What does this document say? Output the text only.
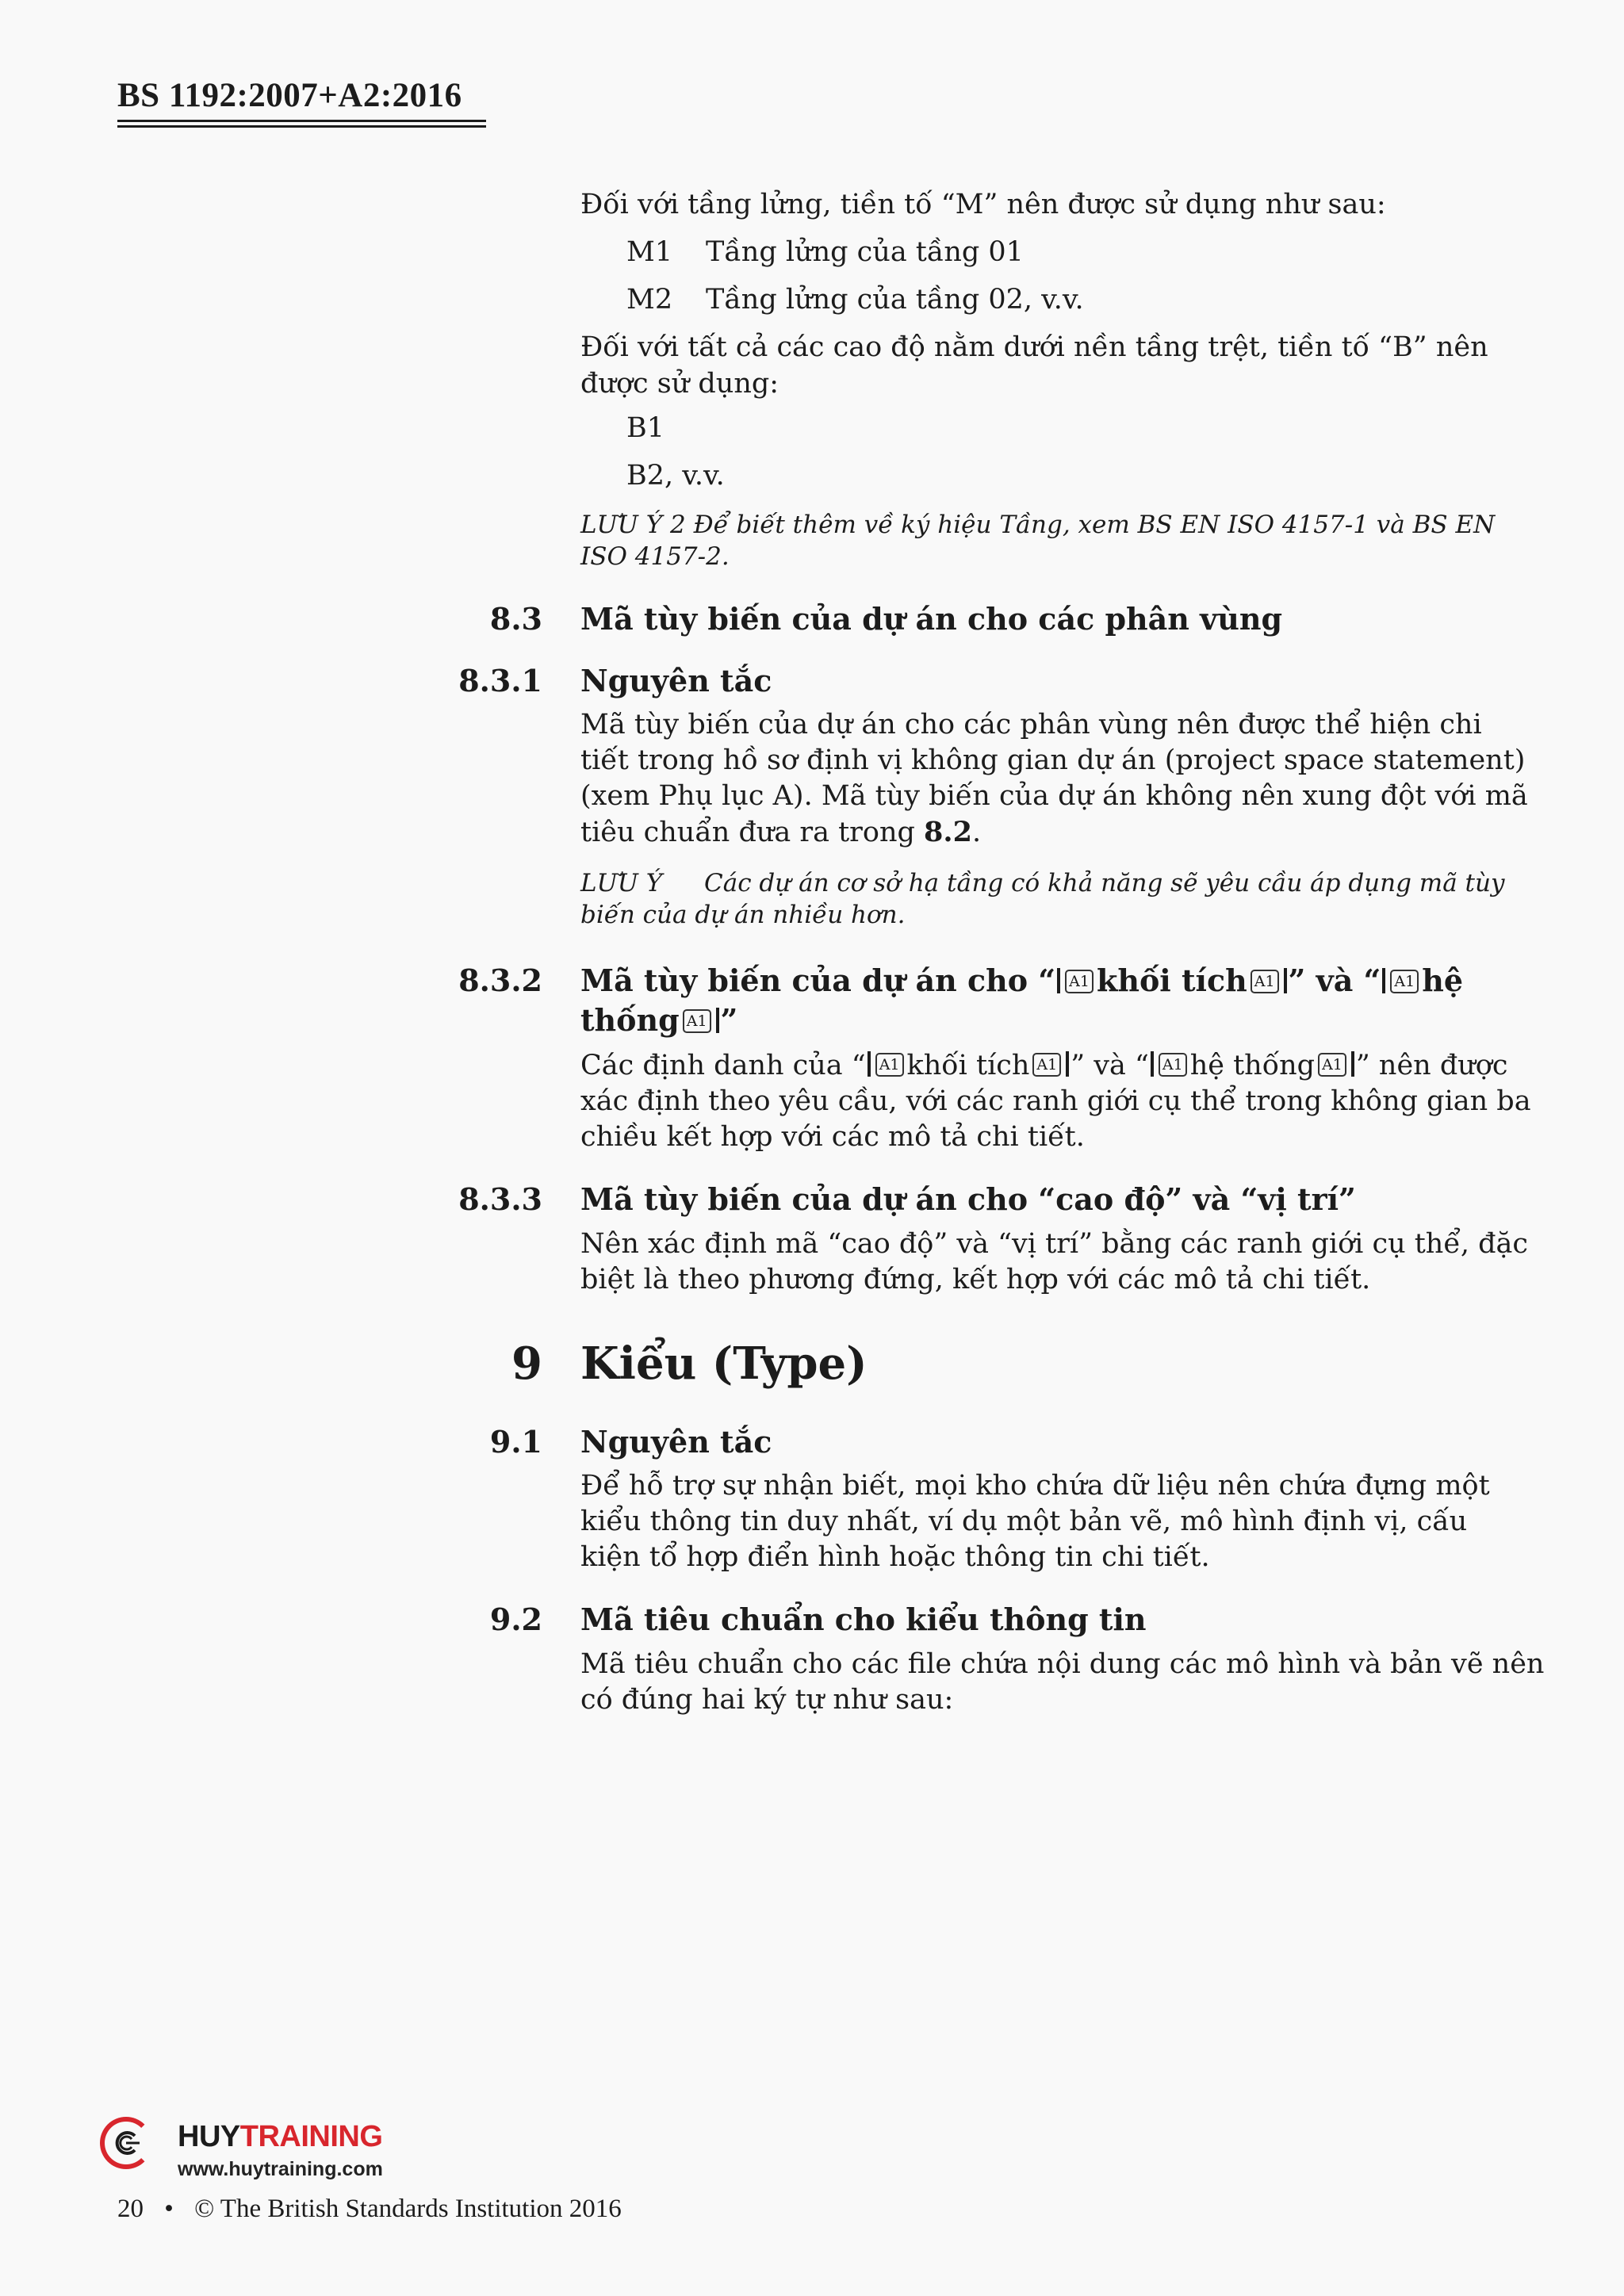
BS 1192:2007+A2:2016
Đối với tầng lửng, tiền tố “M” nên được sử dụng như sau:
M1 Tầng lửng của tầng 01
M2 Tầng lửng của tầng 02, v.v.
Đối với tất cả các cao độ nằm dưới nền tầng trệt, tiền tố “B” nên
được sử dụng:
B1
B2, v.v.
LƯU Ý 2 Để biết thêm về ký hiệu Tầng, xem BS EN ISO 4157-1 và BS EN
ISO 4157-2.
8.3 Mã tùy biến của dự án cho các phân vùng
8.3.1 Nguyên tắc
Mã tùy biến của dự án cho các phân vùng nên được thể hiện chi
tiết trong hồ sơ định vị không gian dự án (project space statement)
(xem Phụ lục A). Mã tùy biến của dự án không nên xung đột với mã
tiêu chuẩn đưa ra trong 8.2.
LƯU Ý Các dự án cơ sở hạ tầng có khả năng sẽ yêu cầu áp dụng mã tùy
biến của dự án nhiều hơn.
8.3.2 Mã tùy biến của dự án cho “ A1 khối tích A1 ” và “ A1 hệ
thống A1 ”
Các định danh của “ A1 khối tích A1 ” và “ A1 hệ thống A1 ” nên được
xác định theo yêu cầu, với các ranh giới cụ thể trong không gian ba
chiều kết hợp với các mô tả chi tiết.
8.3.3 Mã tùy biến của dự án cho “cao độ” và “vị trí”
Nên xác định mã “cao độ” và “vị trí” bằng các ranh giới cụ thể, đặc
biệt là theo phương đứng, kết hợp với các mô tả chi tiết.
9 Kiểu (Type)
9.1 Nguyên tắc
Để hỗ trợ sự nhận biết, mọi kho chứa dữ liệu nên chứa đựng một
kiểu thông tin duy nhất, ví dụ một bản vẽ, mô hình định vị, cấu
kiện tổ hợp điển hình hoặc thông tin chi tiết.
9.2 Mã tiêu chuẩn cho kiểu thông tin
Mã tiêu chuẩn cho các file chứa nội dung các mô hình và bản vẽ nên
có đúng hai ký tự như sau:
HUYTRAINING
www.huytraining.com
20 • © The British Standards Institution 2016
